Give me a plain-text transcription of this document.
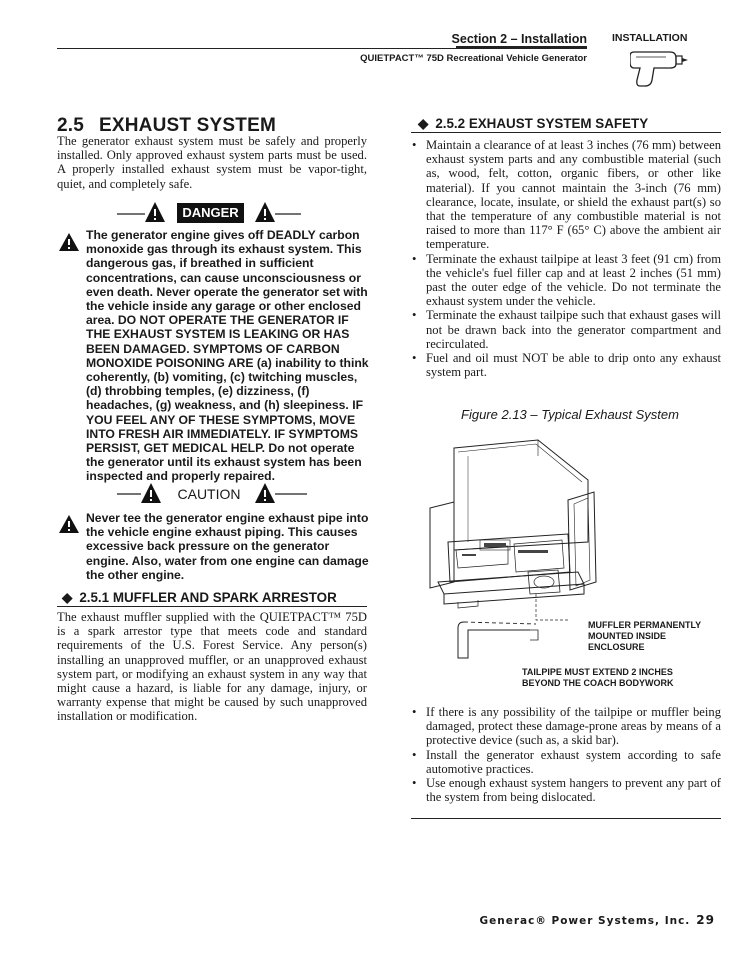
Section 2 – Installation
QUIETPACT™ 75D Recreational Vehicle Generator
INSTALLATION
2.5 EXHAUST SYSTEM
The generator exhaust system must be safely and properly installed. Only approved exhaust system parts must be used. A properly installed exhaust system must be vapor-tight, quiet, and completely safe.
DANGER
The generator engine gives off DEADLY carbon monoxide gas through its exhaust system. This dangerous gas, if breathed in sufficient concentrations, can cause unconsciousness or even death. Never operate the generator set with the vehicle inside any garage or other enclosed area. DO NOT OPERATE THE GENERATOR IF THE EXHAUST SYSTEM IS LEAKING OR HAS BEEN DAMAGED. SYMPTOMS OF CARBON MONOXIDE POISONING ARE (a) inability to think coherently, (b) vomiting, (c) twitching muscles, (d) throbbing temples, (e) dizziness, (f) headaches, (g) weakness, and (h) sleepiness. IF YOU FEEL ANY OF THESE SYMPTOMS, MOVE INTO FRESH AIR IMMEDIATELY. IF SYMPTOMS PERSIST, GET MEDICAL HELP. Do not operate the generator until its exhaust system has been inspected and properly repaired.
CAUTION
Never tee the generator engine exhaust pipe into the vehicle engine exhaust piping. This causes excessive back pressure on the generator engine. Also, water from one engine can damage the other engine.
◆ 2.5.1 MUFFLER AND SPARK ARRESTOR
The exhaust muffler supplied with the QUIETPACT™ 75D is a spark arrestor type that meets code and standard requirements of the U.S. Forest Service. Any person(s) installing an unapproved muffler, or an unapproved exhaust system part, or modifying an exhaust system in any way that might cause a hazard, is liable for any damage, injury, or warranty expense that might be caused by such unapproved installation or modification.
◆ 2.5.2 EXHAUST SYSTEM SAFETY
• Maintain a clearance of at least 3 inches (76 mm) between exhaust system parts and any combustible material (such as, wood, felt, cotton, organic fibers, or other like material). If you cannot maintain the 3-inch (76 mm) clearance, locate, insulate, or shield the exhaust part(s) so that the temperature of any combustible material is not raised to more than 117° F (65° C) above the ambient air temperature.
• Terminate the exhaust tailpipe at least 3 feet (91 cm) from the vehicle's fuel filler cap and at least 2 inches (51 mm) past the outer edge of the vehicle. Do not terminate the exhaust system under the vehicle.
• Terminate the exhaust tailpipe such that exhaust gases will not be drawn back into the generator compartment and recirculated.
• Fuel and oil must NOT be able to drip onto any exhaust system part.
Figure 2.13 – Typical Exhaust System
MUFFLER PERMANENTLY
MOUNTED INSIDE
ENCLOSURE
TAILPIPE MUST EXTEND 2 INCHES
BEYOND THE COACH BODYWORK
• If there is any possibility of the tailpipe or muffler being damaged, protect these damage-prone areas by means of a protective device (such as, a skid bar).
• Install the generator exhaust system according to safe automotive practices.
• Use enough exhaust system hangers to prevent any part of the system from being dislocated.
Generac® Power Systems, Inc. 29
